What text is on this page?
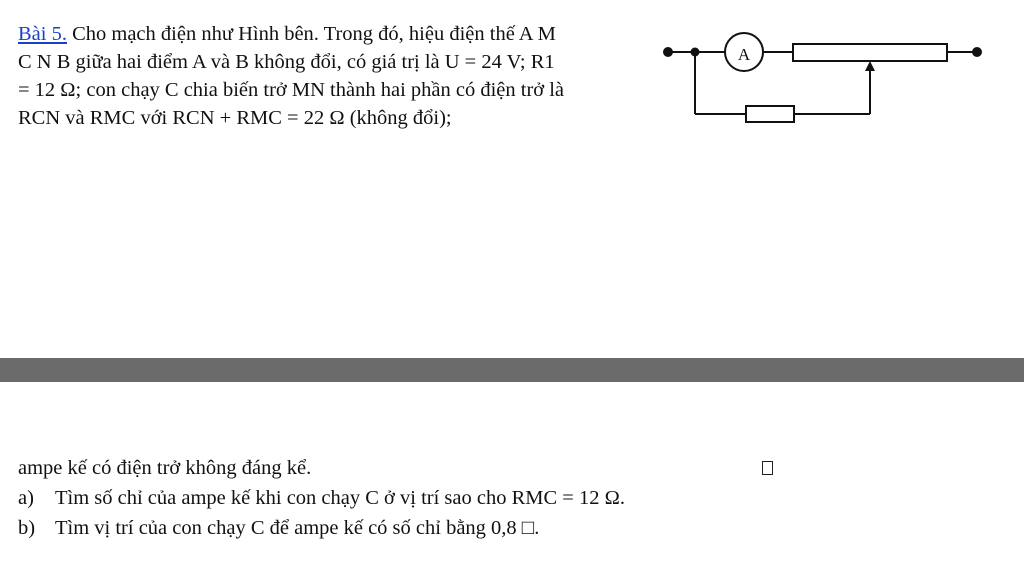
Bài 5. Cho mạch điện như Hình bên. Trong đó, hiệu điện thế A M
C N B giữa hai điểm A và B không đổi, có giá trị là U = 24 V; R1
= 12 Ω; con chạy C chia biến trở MN thành hai phần có điện trở là
RCN và RMC với RCN + RMC = 22 Ω (không đổi);
A
ampe kế có điện trở không đáng kể.
a) Tìm số chỉ của ampe kế khi con chạy C ở vị trí sao cho RMC = 12 Ω.
b) Tìm vị trí của con chạy C để ampe kế có số chỉ bằng 0,8 □.
